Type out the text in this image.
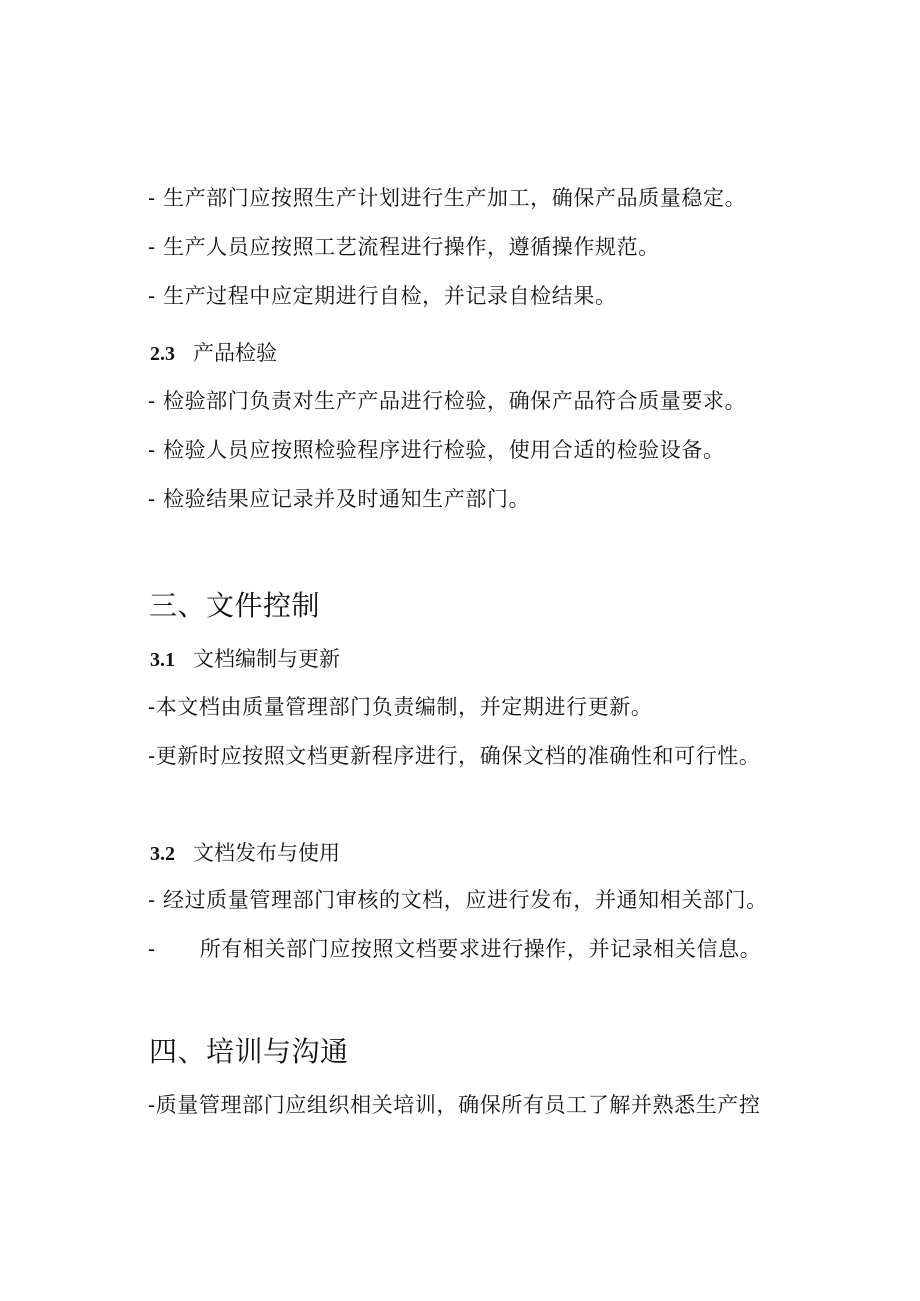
- 生产部门应按照生产计划进行生产加工，确保产品质量稳定。
- 生产人员应按照工艺流程进行操作，遵循操作规范。
- 生产过程中应定期进行自检，并记录自检结果。
2.3 产品检验
- 检验部门负责对生产产品进行检验，确保产品符合质量要求。
- 检验人员应按照检验程序进行检验，使用合适的检验设备。
- 检验结果应记录并及时通知生产部门。
三、文件控制
3.1 文档编制与更新
-本文档由质量管理部门负责编制，并定期进行更新。
-更新时应按照文档更新程序进行，确保文档的准确性和可行性。
3.2 文档发布与使用
- 经过质量管理部门审核的文档，应进行发布，并通知相关部门。
- 所有相关部门应按照文档要求进行操作，并记录相关信息。
四、培训与沟通
-质量管理部门应组织相关培训，确保所有员工了解并熟悉生产控
